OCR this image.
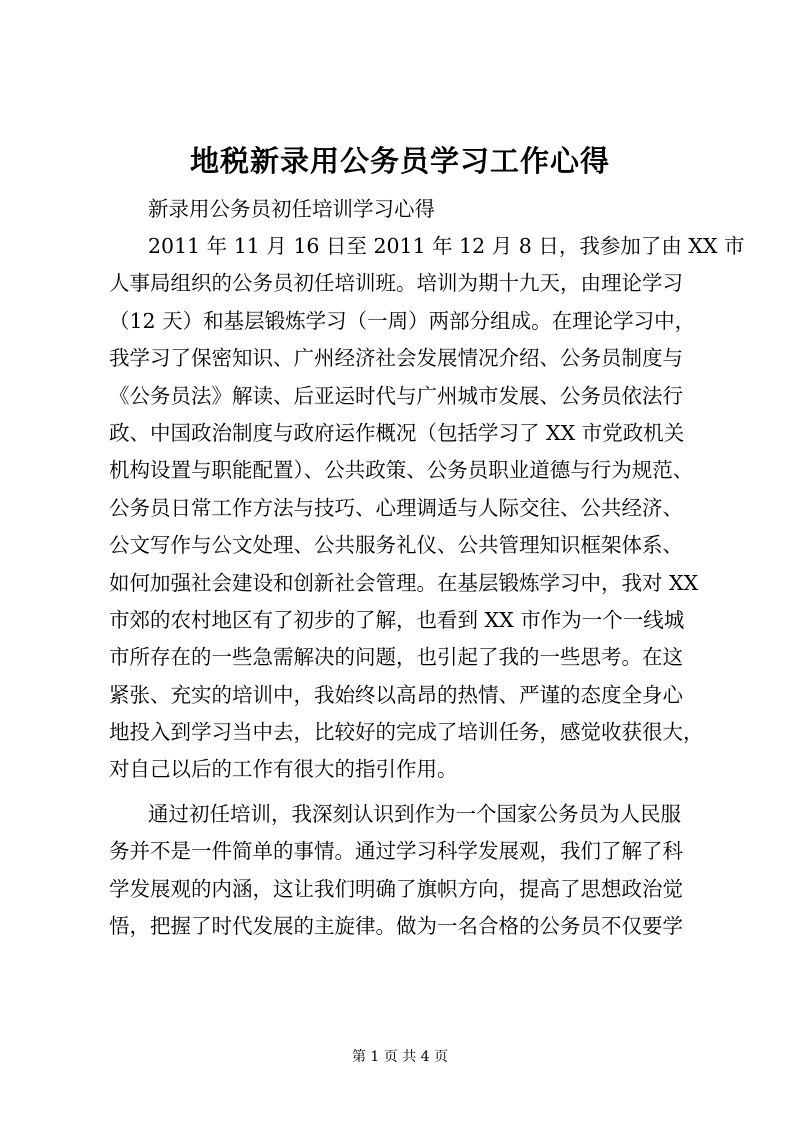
地税新录用公务员学习工作心得

新录用公务员初任培训学习心得

2011 年 11 月 16 日至 2011 年 12 月 8 日，我参加了由 XX 市
人事局组织的公务员初任培训班。培训为期十九天，由理论学习
（12 天）和基层锻炼学习（一周）两部分组成。在理论学习中，
我学习了保密知识、广州经济社会发展情况介绍、公务员制度与
《公务员法》解读、后亚运时代与广州城市发展、公务员依法行
政、中国政治制度与政府运作概况（包括学习了 XX 市党政机关
机构设置与职能配置）、公共政策、公务员职业道德与行为规范、
公务员日常工作方法与技巧、心理调适与人际交往、公共经济、
公文写作与公文处理、公共服务礼仪、公共管理知识框架体系、
如何加强社会建设和创新社会管理。在基层锻炼学习中，我对 XX
市郊的农村地区有了初步的了解，也看到 XX 市作为一个一线城
市所存在的一些急需解决的问题，也引起了我的一些思考。在这
紧张、充实的培训中，我始终以高昂的热情、严谨的态度全身心
地投入到学习当中去，比较好的完成了培训任务，感觉收获很大，
对自己以后的工作有很大的指引作用。

通过初任培训，我深刻认识到作为一个国家公务员为人民服
务并不是一件简单的事情。通过学习科学发展观，我们了解了科
学发展观的内涵，这让我们明确了旗帜方向，提高了思想政治觉
悟，把握了时代发展的主旋律。做为一名合格的公务员不仅要学

第 1 页 共 4 页
